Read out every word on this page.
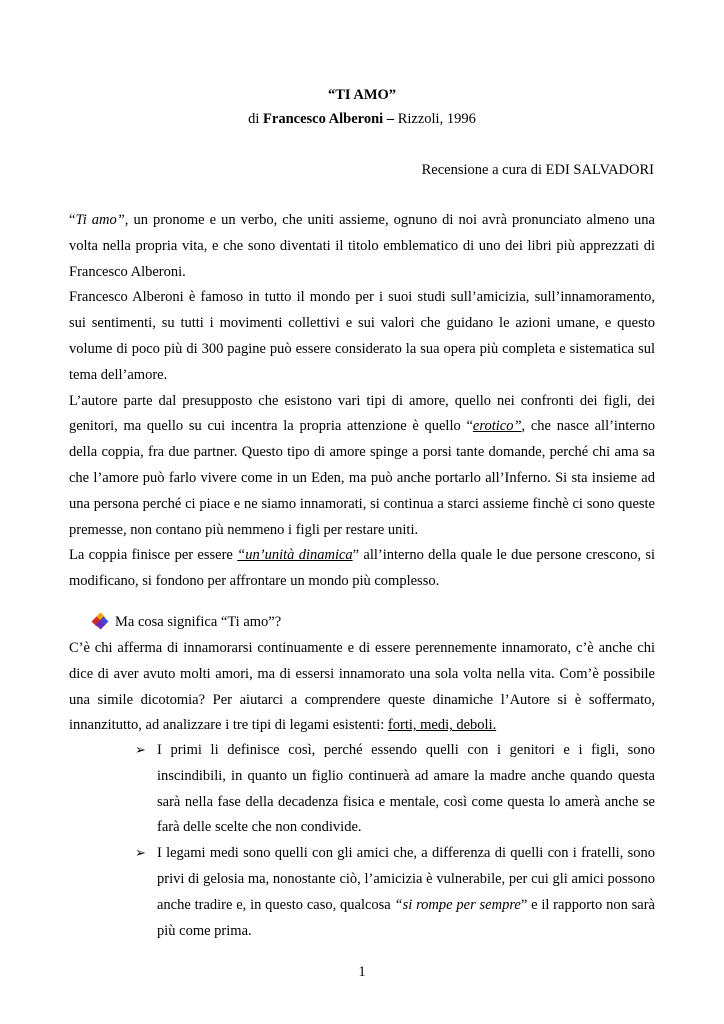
“TI AMO”
di Francesco Alberoni – Rizzoli, 1996
Recensione a cura di EDI SALVADORI

“Ti amo”, un pronome e un verbo, che uniti assieme, ognuno di noi avrà pronunciato almeno una volta nella propria vita, e che sono diventati il titolo emblematico di uno dei libri più apprezzati di Francesco Alberoni.

Francesco Alberoni è famoso in tutto il mondo per i suoi studi sull’amicizia, sull’innamoramento, sui sentimenti, su tutti i movimenti collettivi e sui valori che guidano le azioni umane, e questo volume di poco più di 300 pagine può essere considerato la sua opera più completa e sistematica sul tema dell’amore.

L’autore parte dal presupposto che esistono vari tipi di amore, quello nei confronti dei figli, dei genitori, ma quello su cui incentra la propria attenzione è quello “erotico”, che nasce all’interno della coppia, fra due partner. Questo tipo di amore spinge a porsi tante domande, perché chi ama sa che l’amore può farlo vivere come in un Eden, ma può anche portarlo all’Inferno. Si sta insieme ad una persona perché ci piace e ne siamo innamorati, si continua a starci assieme finchè ci sono queste premesse, non contano più nemmeno i figli per restare uniti.

La coppia finisce per essere “un’unità dinamica” all’interno della quale le due persone crescono, si modificano, si fondono per affrontare un mondo più complesso.

Ma cosa significa “Ti amo”?
C’è chi afferma di innamorarsi continuamente e di essere perennemente innamorato, c’è anche chi dice di aver avuto molti amori, ma di essersi innamorato una sola volta nella vita. Com’è possibile una simile dicotomia? Per aiutarci a comprendere queste dinamiche l’Autore si è soffermato, innanzitutto, ad analizzare i tre tipi di legami esistenti: forti, medi, deboli.

➢ I primi li definisce così, perché essendo quelli con i genitori e i figli, sono inscindibili, in quanto un figlio continuerà ad amare la madre anche quando questa sarà nella fase della decadenza fisica e mentale, così come questa lo amerà anche se farà delle scelte che non condivide.

➢ I legami medi sono quelli con gli amici che, a differenza di quelli con i fratelli, sono privi di gelosia ma, nonostante ciò, l’amicizia è vulnerabile, per cui gli amici possono anche tradire e, in questo caso, qualcosa “si rompe per sempre” e il rapporto non sarà più come prima.

1
